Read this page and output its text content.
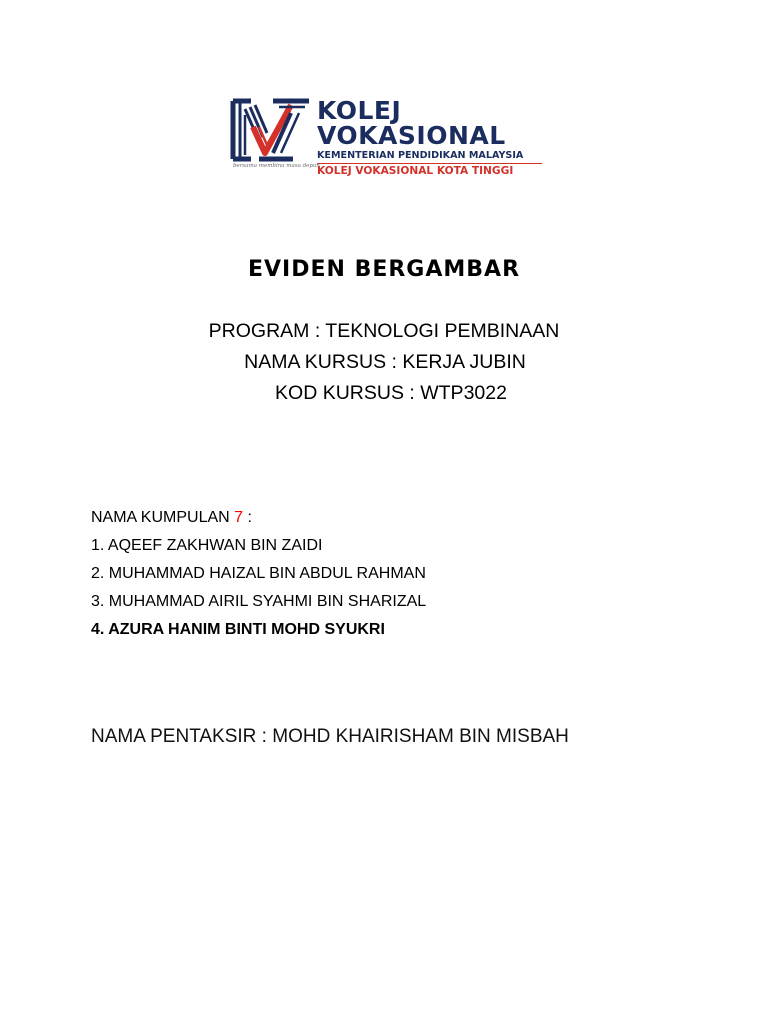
KOLEJ
VOKASIONAL
KEMENTERIAN PENDIDIKAN MALAYSIA
KOLEJ VOKASIONAL KOTA TINGGI
bersama membina masa depan
EVIDEN BERGAMBAR
PROGRAM : TEKNOLOGI PEMBINAAN
NAMA KURSUS : KERJA JUBIN
KOD KURSUS : WTP3022
NAMA KUMPULAN 7 :
1. AQEEF ZAKHWAN BIN ZAIDI
2. MUHAMMAD HAIZAL BIN ABDUL RAHMAN
3. MUHAMMAD AIRIL SYAHMI BIN SHARIZAL
4. AZURA HANIM BINTI MOHD SYUKRI
NAMA PENTAKSIR : MOHD KHAIRISHAM BIN MISBAH
